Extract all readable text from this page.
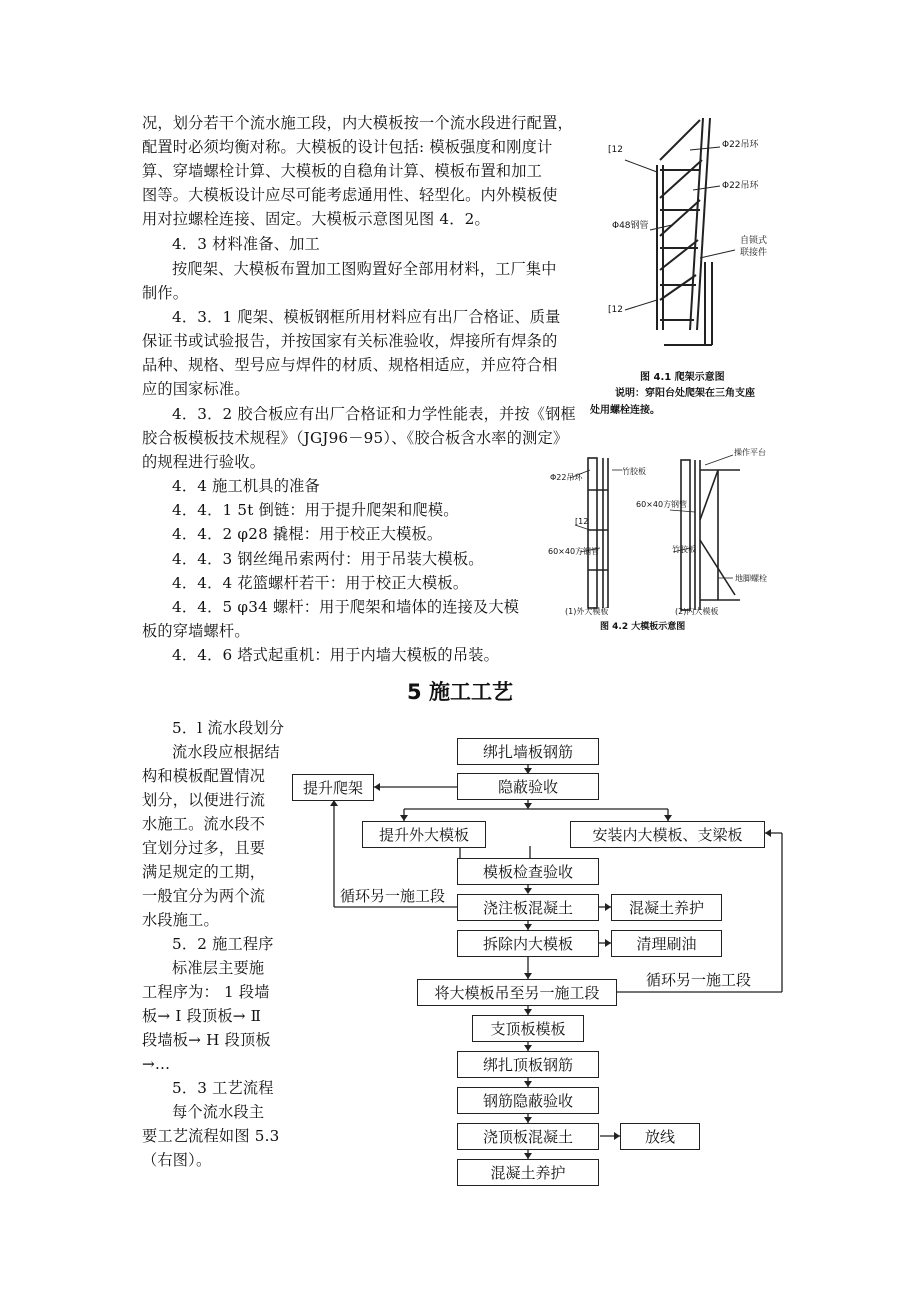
况，划分若干个流水施工段，内大模板按一个流水段进行配置，
配置时必须均衡对称。大模板的设计包括: 模板强度和刚度计
算、穿墙螺栓计算、大模板的自稳角计算、模板布置和加工
图等。大模板设计应尽可能考虑通用性、轻型化。内外模板使
用对拉螺栓连接、固定。大模板示意图见图 4．2。
4．3 材料准备、加工
按爬架、大模板布置加工图购置好全部用材料，工厂集中
制作。
4．3．1 爬架、模板钢框所用材料应有出厂合格证、质量
保证书或试验报告，并按国家有关标准验收，焊接所有焊条的
品种、规格、型号应与焊件的材质、规格相适应，并应符合相
应的国家标准。
4．3．2 胶合板应有出厂合格证和力学性能表，并按《钢框
胶合板模板技术规程》（JGJ96－95）、《胶合板含水率的测定》
的规程进行验收。
4．4 施工机具的准备
4．4．1 5t 倒链：用于提升爬架和爬模。
4．4．2 φ28 撬棍：用于校正大模板。
4．4．3 钢丝绳吊索两付：用于吊装大模板。
4．4．4 花篮螺杆若干：用于校正大模板。
4．4．5 φ34 螺杆：用于爬架和墙体的连接及大模
板的穿墙螺杆。
4．4．6 塔式起重机：用于内墙大模板的吊装。
[12	Φ22吊环
Φ22吊环
Φ48钢管
自锁式
联接件
[12
图 4.1 爬架示意图
说明：穿阳台处爬架在三角支座
处用螺栓连接。
Φ22吊环
竹胶板
[12
60×40方钢管
操作平台
60×40方钢管
竹胶板
地脚螺栓
(1)外大模板	(2)内大模板
图 4.2 大模板示意图
5 施工工艺
5．l 流水段划分
流水段应根据结
构和模板配置情况
划分，以便进行流
水施工。流水段不
宜划分过多，且要
满足规定的工期，
一般宜分为两个流
水段施工。
5．2 施工程序
标准层主要施
工程序为： 1 段墙
板→ I 段顶板→ Ⅱ
段墙板→ H 段顶板
→…
5．3 工艺流程
每个流水段主
要工艺流程如图 5.3
（右图）。
绑扎墙板钢筋
隐蔽验收
提升爬架
提升外大模板	安装内大模板、支梁板
模板检查验收
浇注板混凝土	混凝土养护
拆除内大模板	清理刷油
将大模板吊至另一施工段
支顶板模板
绑扎顶板钢筋
钢筋隐蔽验收
浇顶板混凝土	放线
混凝土养护
循环另一施工段
循环另一施工段
